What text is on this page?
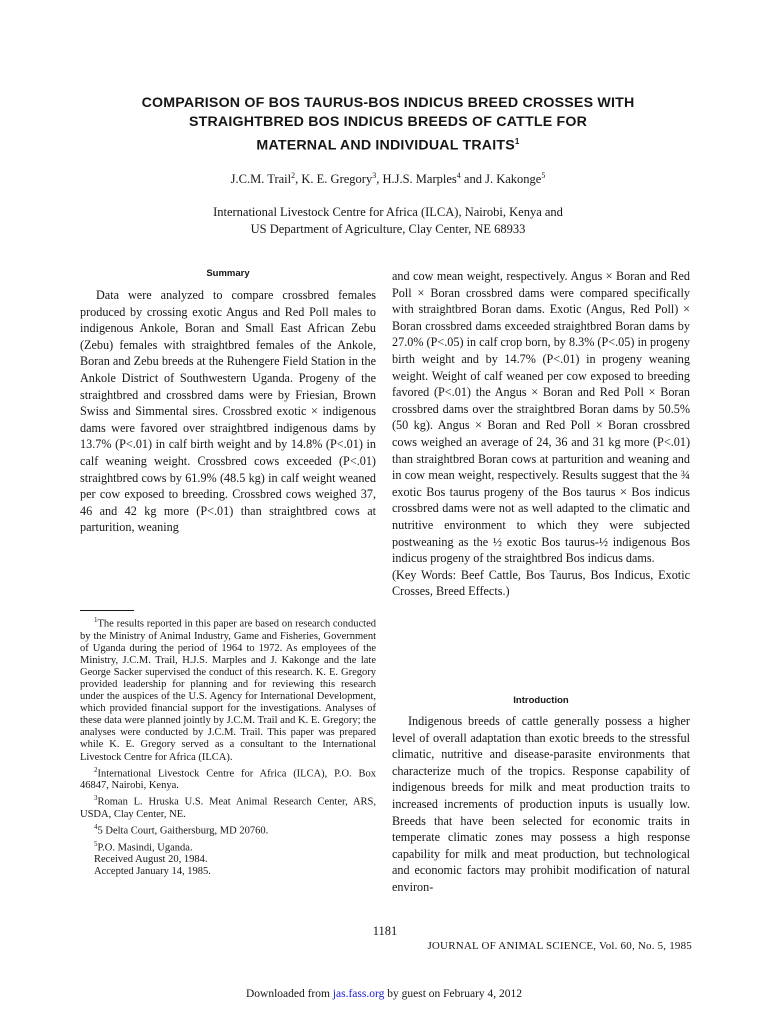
COMPARISON OF BOS TAURUS-BOS INDICUS BREED CROSSES WITH
STRAIGHTBRED BOS INDICUS BREEDS OF CATTLE FOR
MATERNAL AND INDIVIDUAL TRAITS$^1$
J.C.M. Trail$^2$, K. E. Gregory$^3$, H.J.S. Marples$^4$ and J. Kakonge$^5$
International Livestock Centre for Africa (ILCA), Nairobi, Kenya and
US Department of Agriculture, Clay Center, NE 68933
Summary

Data were analyzed to compare crossbred females produced by crossing exotic Angus and Red Poll males to indigenous Ankole, Boran and Small East African Zebu (Zebu) females with straightbred females of the Ankole, Boran and Zebu breeds at the Ruhengere Field Station in the Ankole District of Southwestern Uganda. Progeny of the straightbred and crossbred dams were by Friesian, Brown Swiss and Simmental sires. Crossbred exotic × indigenous dams were favored over straightbred indigenous dams by 13.7% (P<.01) in calf birth weight and by 14.8% (P<.01) in calf weaning weight. Crossbred cows exceeded (P<.01) straightbred cows by 61.9% (48.5 kg) in calf weight weaned per cow exposed to breeding. Crossbred cows weighed 37, 46 and 42 kg more (P<.01) than straightbred cows at parturition, weaning

$^1$The results reported in this paper are based on research conducted by the Ministry of Animal Industry, Game and Fisheries, Government of Uganda during the period of 1964 to 1972. As employees of the Ministry, J.C.M. Trail, H.J.S. Marples and J. Kakonge and the late George Sacker supervised the conduct of this research. K. E. Gregory provided leadership for planning and for reviewing this research under the auspices of the U.S. Agency for International Development, which provided financial support for the investigations. Analyses of these data were planned jointly by J.C.M. Trail and K. E. Gregory; the analyses were conducted by J.C.M. Trail. This paper was prepared while K. E. Gregory served as a consultant to the International Livestock Centre for Africa (ILCA).

$^2$International Livestock Centre for Africa (ILCA), P.O. Box 46847, Nairobi, Kenya.

$^3$Roman L. Hruska U.S. Meat Animal Research Center, ARS, USDA, Clay Center, NE.

$^4$5 Delta Court, Gaithersburg, MD 20760.

$^5$P.O. Masindi, Uganda.

Received August 20, 1984.

Accepted January 14, 1985.

and cow mean weight, respectively. Angus × Boran and Red Poll × Boran crossbred dams were compared specifically with straightbred Boran dams. Exotic (Angus, Red Poll) × Boran crossbred dams exceeded straightbred Boran dams by 27.0% (P<.05) in calf crop born, by 8.3% (P<.05) in progeny birth weight and by 14.7% (P<.01) in progeny weaning weight. Weight of calf weaned per cow exposed to breeding favored (P<.01) the Angus × Boran and Red Poll × Boran crossbred dams over the straightbred Boran dams by 50.5% (50 kg). Angus × Boran and Red Poll × Boran crossbred cows weighed an average of 24, 36 and 31 kg more (P<.01) than straightbred Boran cows at parturition and weaning and in cow mean weight, respectively. Results suggest that the ¾ exotic Bos taurus progeny of the Bos taurus × Bos indicus crossbred dams were not as well adapted to the climatic and nutritive environment to which they were subjected postweaning as the ½ exotic Bos taurus-½ indigenous Bos indicus progeny of the straightbred Bos indicus dams.

(Key Words: Beef Cattle, Bos Taurus, Bos Indicus, Exotic Crosses, Breed Effects.)

Introduction

Indigenous breeds of cattle generally possess a higher level of overall adaptation than exotic breeds to the stressful climatic, nutritive and disease-parasite environments that characterize much of the tropics. Response capability of indigenous breeds for milk and meat production traits to increased increments of production inputs is usually low. Breeds that have been selected for economic traits in temperate climatic zones may possess a high response capability for milk and meat production, but technological and economic factors may prohibit modification of natural environ-

1181
JOURNAL OF ANIMAL SCIENCE, Vol. 60, No. 5, 1985
Downloaded from jas.fass.org by guest on February 4, 2012
